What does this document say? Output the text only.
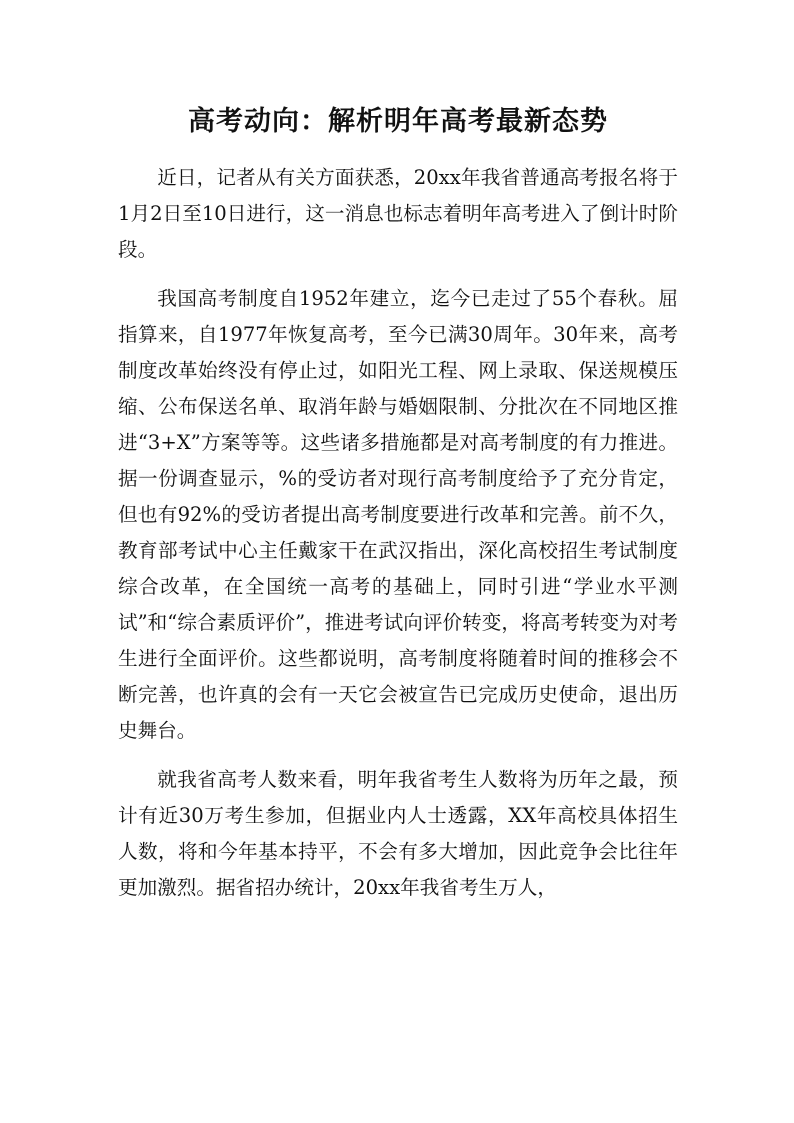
高考动向：解析明年高考最新态势

近日，记者从有关方面获悉，20xx年我省普通高考报名将于1月2日至10日进行，这一消息也标志着明年高考进入了倒计时阶段。

我国高考制度自1952年建立，迄今已走过了55个春秋。屈指算来，自1977年恢复高考，至今已满30周年。30年来，高考制度改革始终没有停止过，如阳光工程、网上录取、保送规模压缩、公布保送名单、取消年龄与婚姻限制、分批次在不同地区推进“3+X”方案等等。这些诸多措施都是对高考制度的有力推进。据一份调查显示，%的受访者对现行高考制度给予了充分肯定，但也有92%的受访者提出高考制度要进行改革和完善。前不久，教育部考试中心主任戴家干在武汉指出，深化高校招生考试制度综合改革，在全国统一高考的基础上，同时引进“学业水平测试”和“综合素质评价”，推进考试向评价转变，将高考转变为对考生进行全面评价。这些都说明，高考制度将随着时间的推移会不断完善，也许真的会有一天它会被宣告已完成历史使命，退出历史舞台。

就我省高考人数来看，明年我省考生人数将为历年之最，预计有近30万考生参加，但据业内人士透露，XX年高校具体招生人数，将和今年基本持平，不会有多大增加，因此竞争会比往年更加激烈。据省招办统计，20xx年我省考生万人，
